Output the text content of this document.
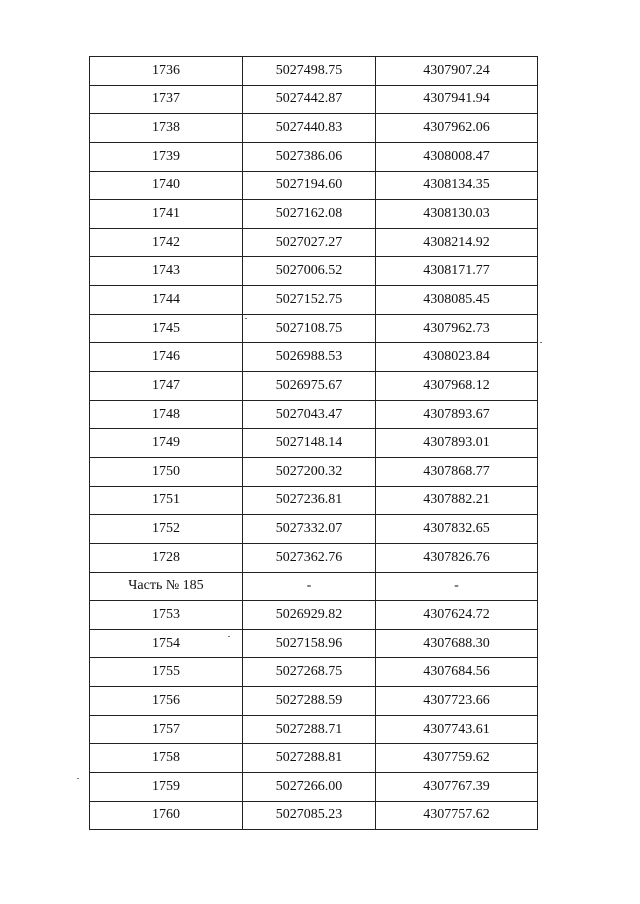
1736	5027498.75	4307907.24
1737	5027442.87	4307941.94
1738	5027440.83	4307962.06
1739	5027386.06	4308008.47
1740	5027194.60	4308134.35
1741	5027162.08	4308130.03
1742	5027027.27	4308214.92
1743	5027006.52	4308171.77
1744	5027152.75	4308085.45
1745	5027108.75	4307962.73
1746	5026988.53	4308023.84
1747	5026975.67	4307968.12
1748	5027043.47	4307893.67
1749	5027148.14	4307893.01
1750	5027200.32	4307868.77
1751	5027236.81	4307882.21
1752	5027332.07	4307832.65
1728	5027362.76	4307826.76
Часть № 185	-	-
1753	5026929.82	4307624.72
1754	5027158.96	4307688.30
1755	5027268.75	4307684.56
1756	5027288.59	4307723.66
1757	5027288.71	4307743.61
1758	5027288.81	4307759.62
1759	5027266.00	4307767.39
1760	5027085.23	4307757.62
